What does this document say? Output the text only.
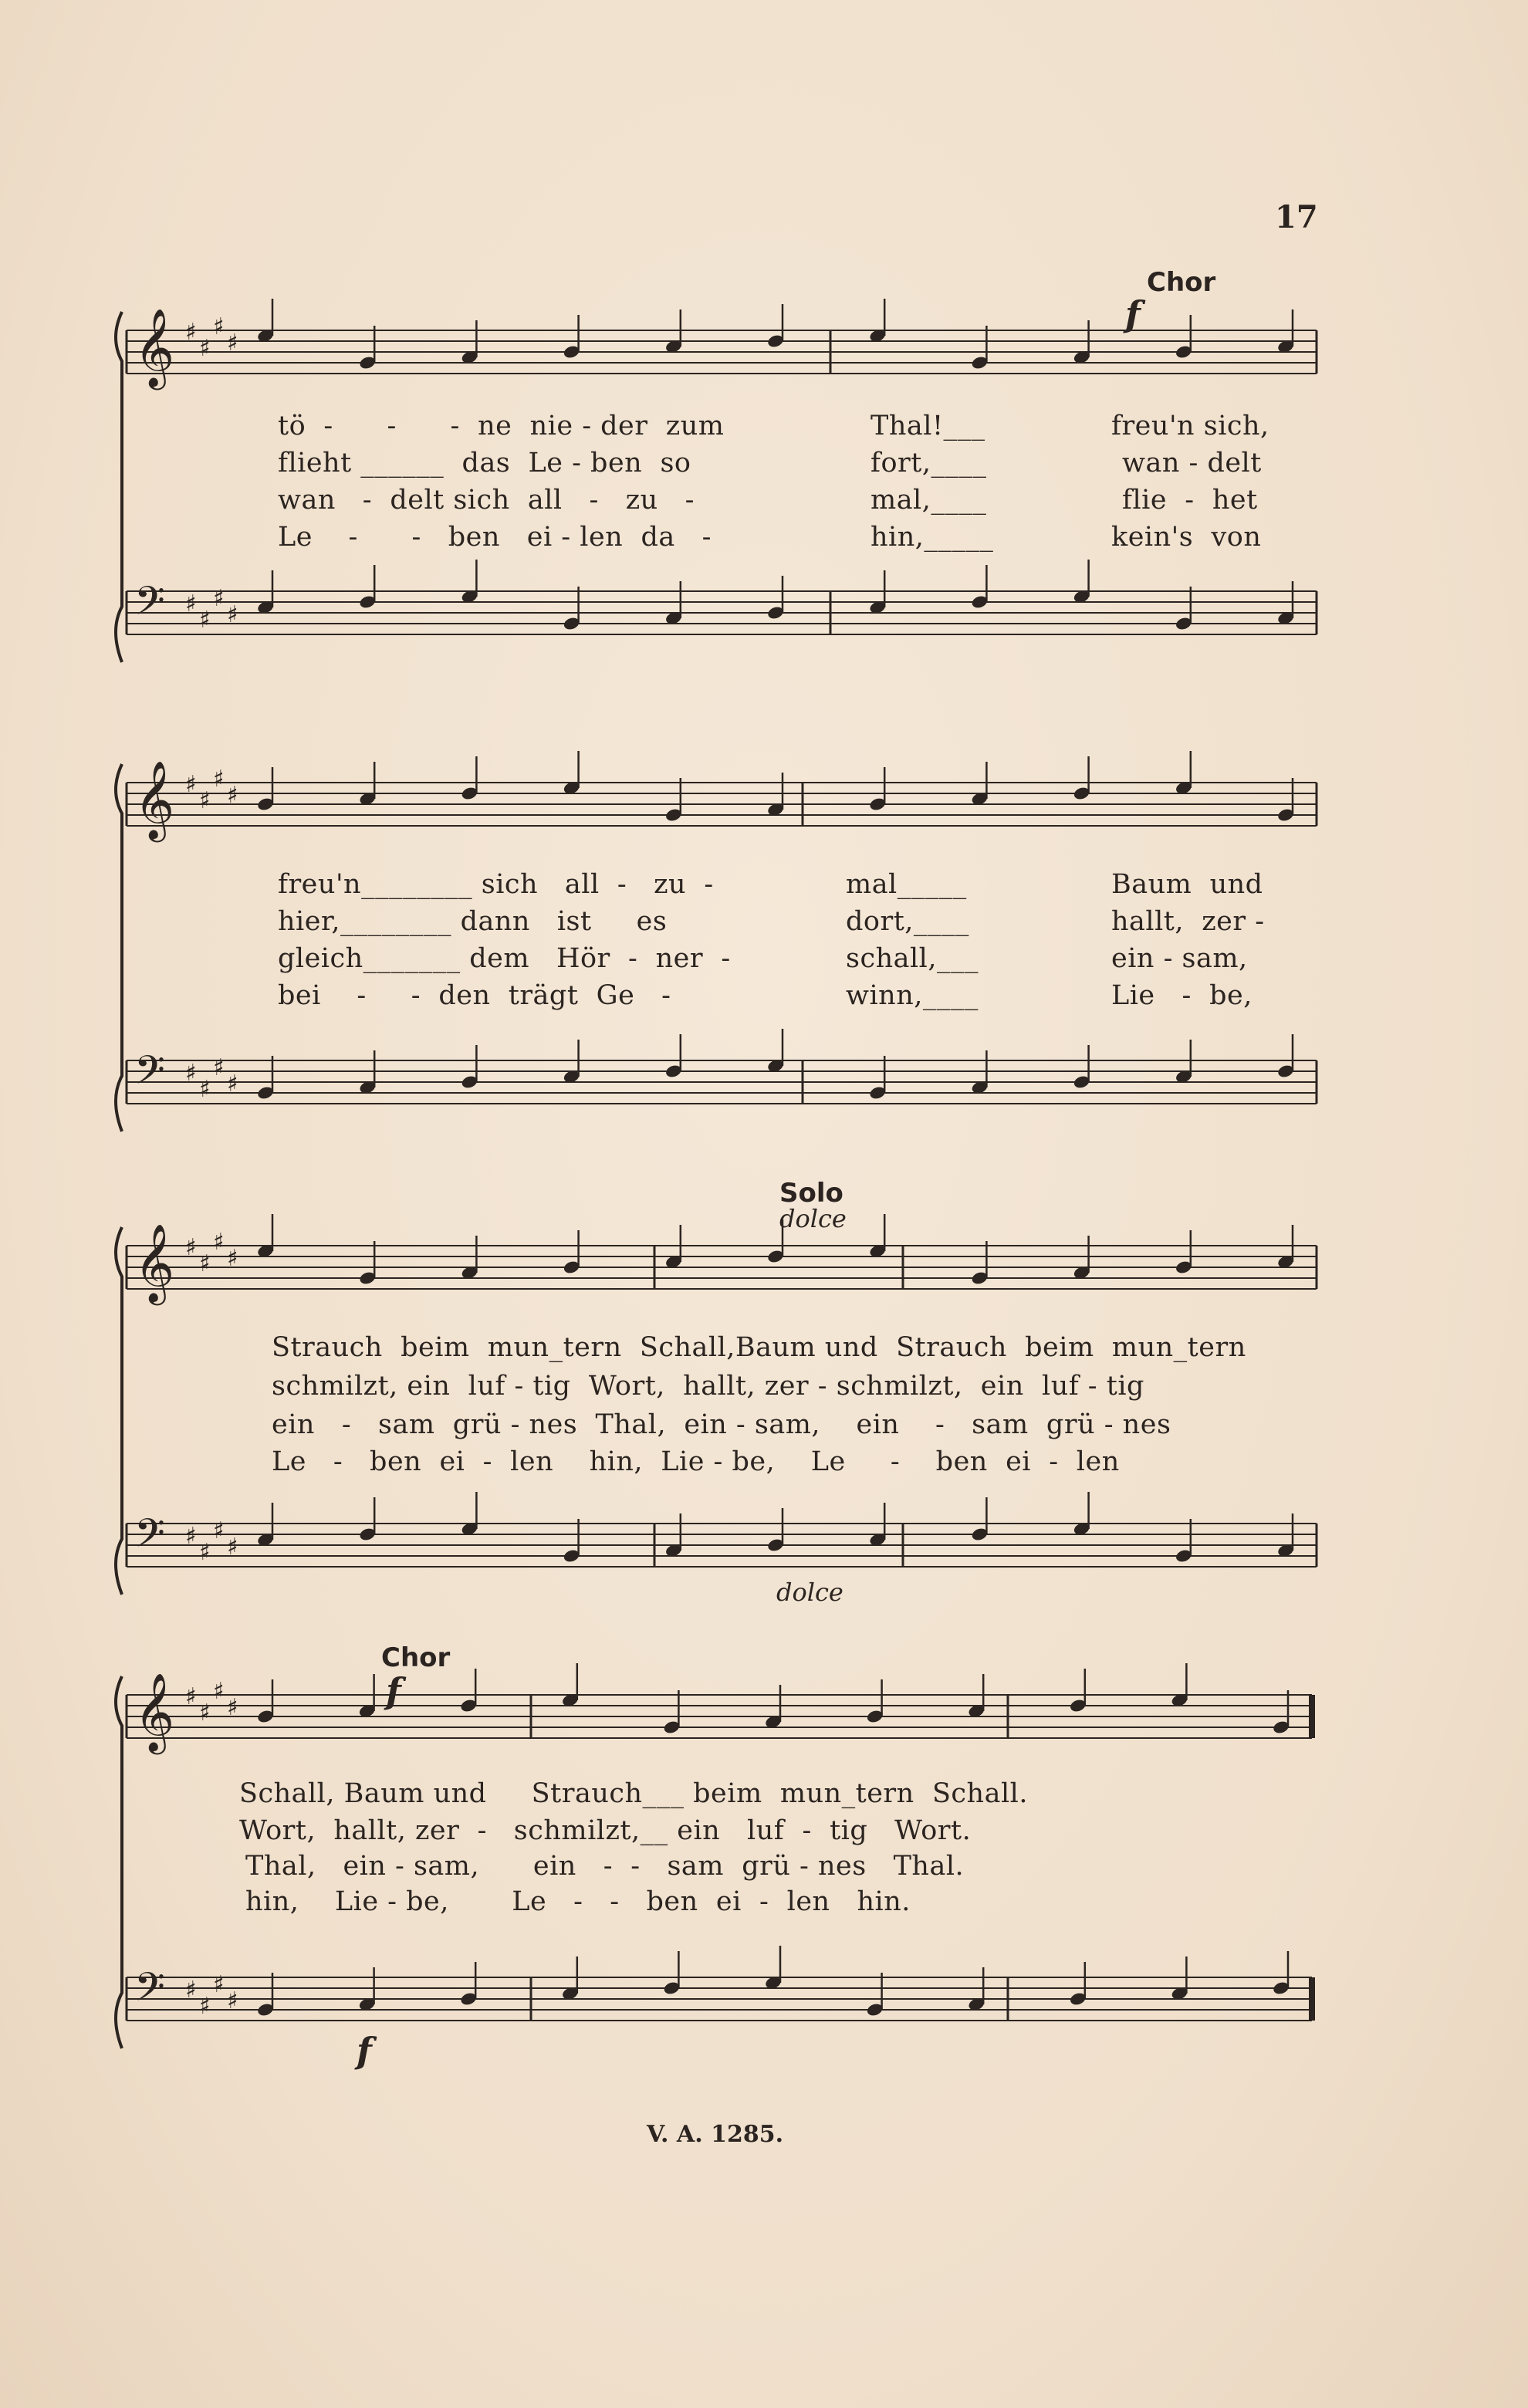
17
Chor
Solo
Chor
f
dolce
dolce
f
f
tö  -      -      -  ne  nie - der  zum	Thal!___	freu'n sich,
flieht ______  das  Le - ben  so	fort,____	wan - delt
wan   -  delt sich  all   -   zu   -	mal,____	flie  -  het
Le    -      -   ben   ei - len  da   -	hin,_____	kein's  von
freu'n________ sich   all  -   zu  -	mal_____	Baum  und
hier,________ dann   ist     es	dort,____	hallt,  zer -
gleich_______ dem   Hör  -  ner  -	schall,___	ein - sam,
bei    -     -  den  trägt  Ge   -	winn,____	Lie   -  be,
Strauch  beim  mun_tern  Schall,Baum und  Strauch  beim  mun_tern
schmilzt, ein  luf - tig  Wort,  hallt, zer - schmilzt,  ein  luf - tig
ein   -   sam  grü - nes  Thal,  ein - sam,    ein    -   sam  grü - nes
Le   -   ben  ei  -  len    hin,  Lie - be,    Le     -    ben  ei  -  len
Schall, Baum und     Strauch___ beim  mun_tern  Schall.
Wort,  hallt, zer  -   schmilzt,__ ein   luf  -  tig   Wort.
Thal,   ein - sam,      ein   -  -   sam  grü - nes   Thal.
hin,    Lie - be,       Le   -   -   ben  ei  -  len   hin.
V. A. 1285.
𝄞 ♯
♯
♯
♯
𝄢 ♯
♯
♯
♯
𝄞 ♯
♯
♯
♯
𝄢 ♯
♯
♯
♯
𝄞 ♯
♯
♯
♯
𝄢 ♯
♯
♯
♯
𝄞 ♯
♯
♯
♯
𝄢 ♯
♯
♯
♯
